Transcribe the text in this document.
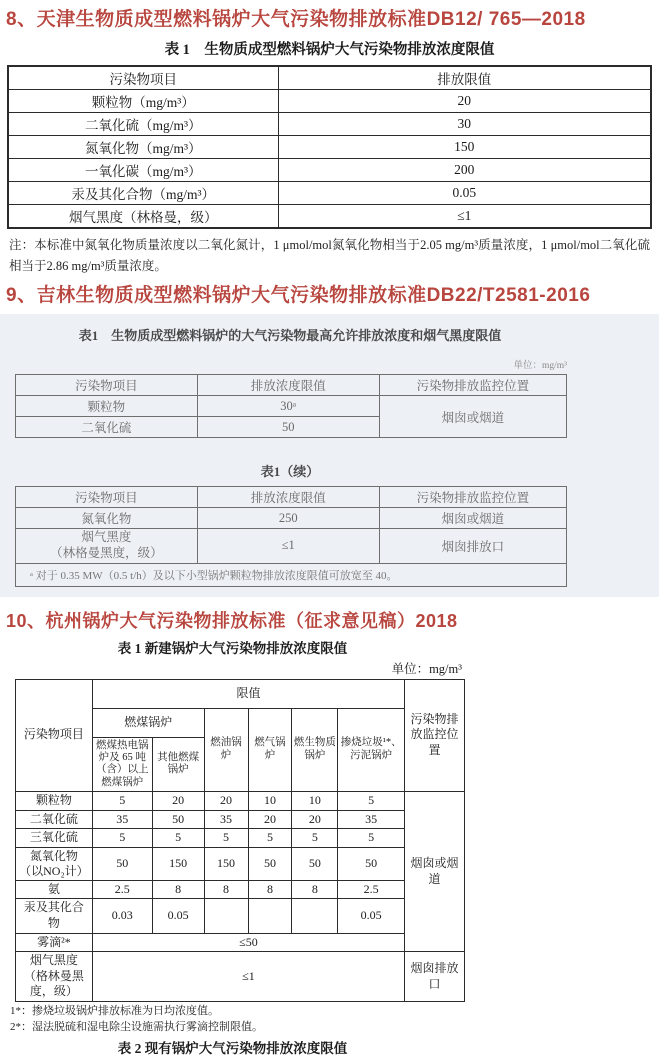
8、天津生物质成型燃料锅炉大气污染物排放标准DB12/ 765—2018
表 1　生物质成型燃料锅炉大气污染物排放浓度限值
污染物项目	排放限值
颗粒物（mg/m³）	20
二氧化硫（mg/m³）	30
氮氧化物（mg/m³）	150
一氧化碳（mg/m³）	200
汞及其化合物（mg/m³）	0.05
烟气黑度（林格曼，级）	≤1
注：本标准中氮氧化物质量浓度以二氧化氮计，1 μmol/mol氮氧化物相当于2.05 mg/m³质量浓度，1 μmol/mol二氧化硫相当于2.86 mg/m³质量浓度。
9、吉林生物质成型燃料锅炉大气污染物排放标准DB22/T2581-2016
表1　生物质成型燃料锅炉的大气污染物最高允许排放浓度和烟气黑度限值
单位：mg/m³
污染物项目	排放浓度限值	污染物排放监控位置
颗粒物	30ᵃ	烟囱或烟道
二氧化硫	50	
表1（续）
污染物项目	排放浓度限值	污染物排放监控位置
氮氧化物	250	烟囱或烟道

烟气黑度
（林格曼黑度，级）	≤1	烟囱排放口
ᵃ 对于 0.35 MW（0.5 t/h）及以下小型锅炉颗粒物排放浓度限值可放宽至 40。		
10、杭州锅炉大气污染物排放标准（征求意见稿）2018
表 1 新建锅炉大气污染物排放浓度限值
单位：mg/m³
污染物项目	限值						污染物排放监控位置
	燃煤锅炉		燃油锅炉	燃气锅炉	燃生物质锅炉	掺烧垃圾¹*、污泥锅炉	
	燃煤热电锅炉及 65 吨（含）以上燃煤锅炉	其他燃煤锅炉					
颗粒物	5	20	20	10	10	5	烟囱或烟道
二氧化硫	35	50	35	20	20	35	
三氧化硫	5	5	5	5	5	5	

氮氧化物
（以NO₂计）	50	150	150	50	50	50	
氨	2.5	8	8	8	8	2.5	
汞及其化合物	0.03	0.05				0.05	
雾滴²*	≤50						
烟气黑度（格林曼黑度，级）	≤1						烟囱排放口
1*：掺烧垃圾锅炉排放标准为日均浓度值。
2*：湿法脱硫和湿电除尘设施需执行雾滴控制限值。
表 2 现有锅炉大气污染物排放浓度限值
